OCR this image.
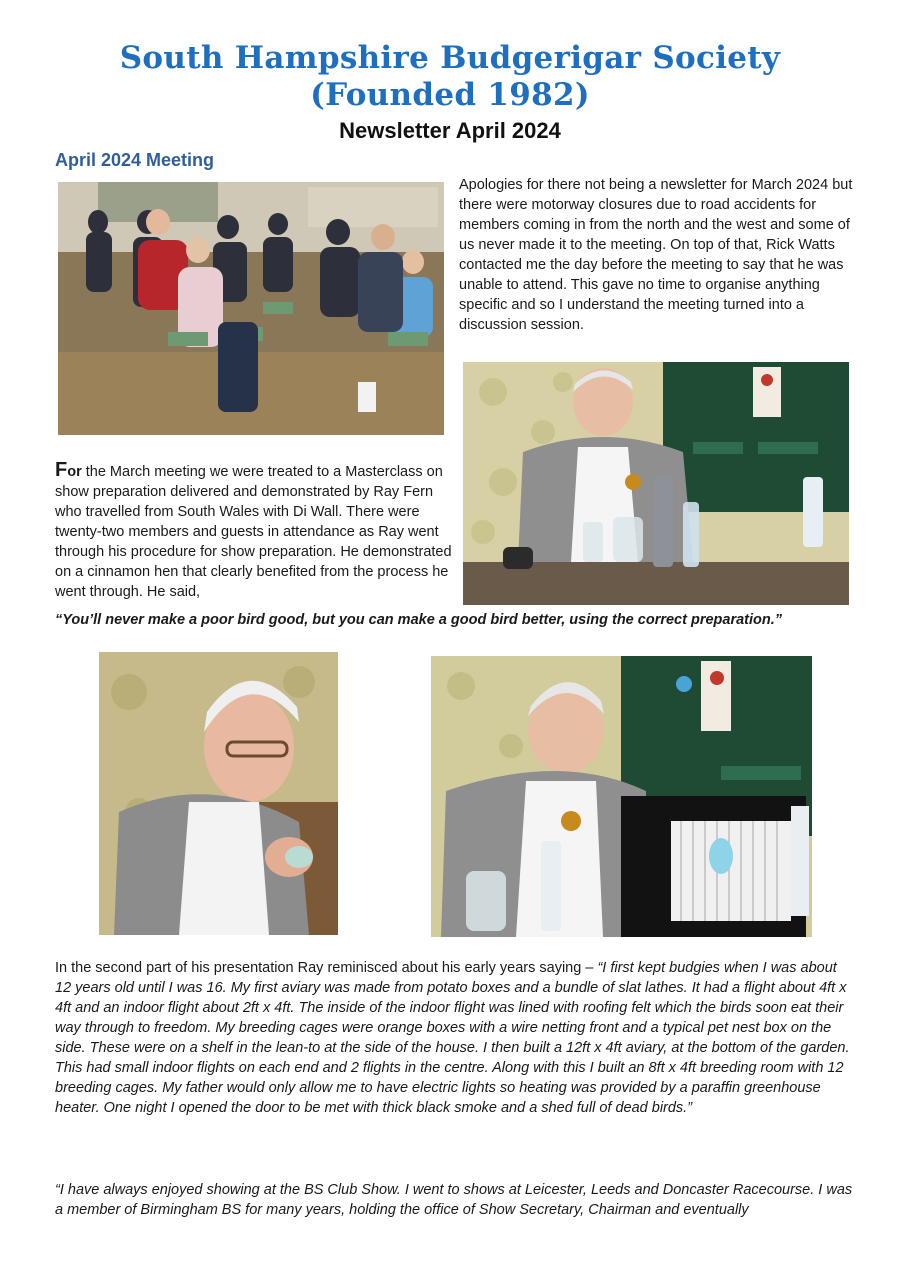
South Hampshire Budgerigar Society
(Founded 1982)
Newsletter April 2024
April 2024 Meeting

Apologies for there not being a newsletter for March 2024 but there were motorway closures due to road accidents for members coming in from the north and the west and some of us never made it to the meeting. On top of that, Rick Watts contacted me the day before the meeting to say that he was unable to attend. This gave no time to organise anything specific and so I understand the meeting turned into a discussion session.

For the March meeting we were treated to a Masterclass on show preparation delivered and demonstrated by Ray Fern who travelled from South Wales with Di Wall. There were twenty-two members and guests in attendance as Ray went through his procedure for show preparation. He demonstrated on a cinnamon hen that clearly benefited from the process he went through. He said,

“You’ll never make a poor bird good, but you can make a good bird better, using the correct preparation.”

In the second part of his presentation Ray reminisced about his early years saying – “I first kept budgies when I was about 12 years old until I was 16. My first aviary was made from potato boxes and a bundle of slat lathes. It had a flight about 4ft x 4ft and an indoor flight about 2ft x 4ft. The inside of the indoor flight was lined with roofing felt which the birds soon eat their way through to freedom. My breeding cages were orange boxes with a wire netting front and a typical pet nest box on the side. These were on a shelf in the lean-to at the side of the house. I then built a 12ft x 4ft aviary, at the bottom of the garden. This had small indoor flights on each end and 2 flights in the centre. Along with this I built an 8ft x 4ft breeding room with 12 breeding cages. My father would only allow me to have electric lights so heating was provided by a paraffin greenhouse heater. One night I opened the door to be met with thick black smoke and a shed full of dead birds.”

“I have always enjoyed showing at the BS Club Show. I went to shows at Leicester, Leeds and Doncaster Racecourse. I was a member of Birmingham BS for many years, holding the office of Show Secretary, Chairman and eventually
